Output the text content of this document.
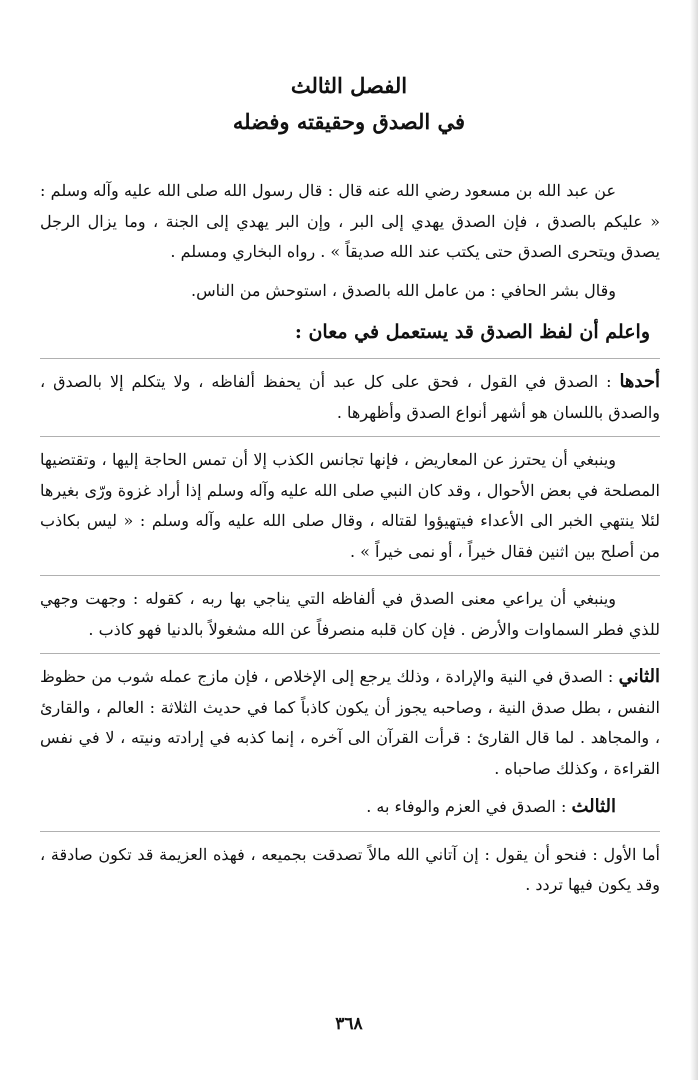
الفصل الثالث
في الصدق وحقيقته وفضله

عن عبد الله بن مسعود رضي الله عنه قال : قال رسول الله صلى الله عليه وآله وسلم : « عليكم بالصدق ، فإن الصدق يهدي إلى البر ، وإن البر يهدي إلى الجنة ، وما يزال الرجل يصدق ويتحرى الصدق حتى يكتب عند الله صديقاً » . رواه البخاري ومسلم .

وقال بشر الحافي : من عامل الله بالصدق ، استوحش من الناس.

واعلم أن لفظ الصدق قد يستعمل في معان :

أحدها : الصدق في القول ، فحق على كل عبد أن يحفظ ألفاظه ، ولا يتكلم إلا بالصدق ، والصدق باللسان هو أشهر أنواع الصدق وأظهرها .

وينبغي أن يحترز عن المعاريض ، فإنها تجانس الكذب إلا أن تمس الحاجة إليها ، وتقتضيها المصلحة في بعض الأحوال ، وقد كان النبي صلى الله عليه وآله وسلم إذا أراد غزوة ورّى بغيرها لئلا ينتهي الخبر الى الأعداء فيتهيؤوا لقتاله ، وقال صلى الله عليه وآله وسلم : « ليس بكاذب من أصلح بين اثنين فقال خيراً ، أو نمى خيراً » .

وينبغي أن يراعي معنى الصدق في ألفاظه التي يناجي بها ربه ، كقوله : وجهت وجهي للذي فطر السماوات والأرض . فإن كان قلبه منصرفاً عن الله مشغولاً بالدنيا فهو كاذب .

الثاني : الصدق في النية والإرادة ، وذلك يرجع إلى الإخلاص ، فإن مازج عمله شوب من حظوظ النفس ، بطل صدق النية ، وصاحبه يجوز أن يكون كاذباً كما في حديث الثلاثة : العالم ، والقارئ ، والمجاهد . لما قال القارئ : قرأت القرآن الى آخره ، إنما كذبه في إرادته ونيته ، لا في نفس القراءة ، وكذلك صاحباه .

الثالث : الصدق في العزم والوفاء به .

أما الأول : فنحو أن يقول : إن آتاني الله مالاً تصدقت بجميعه ، فهذه العزيمة قد تكون صادقة ، وقد يكون فيها تردد .

٣٦٨
